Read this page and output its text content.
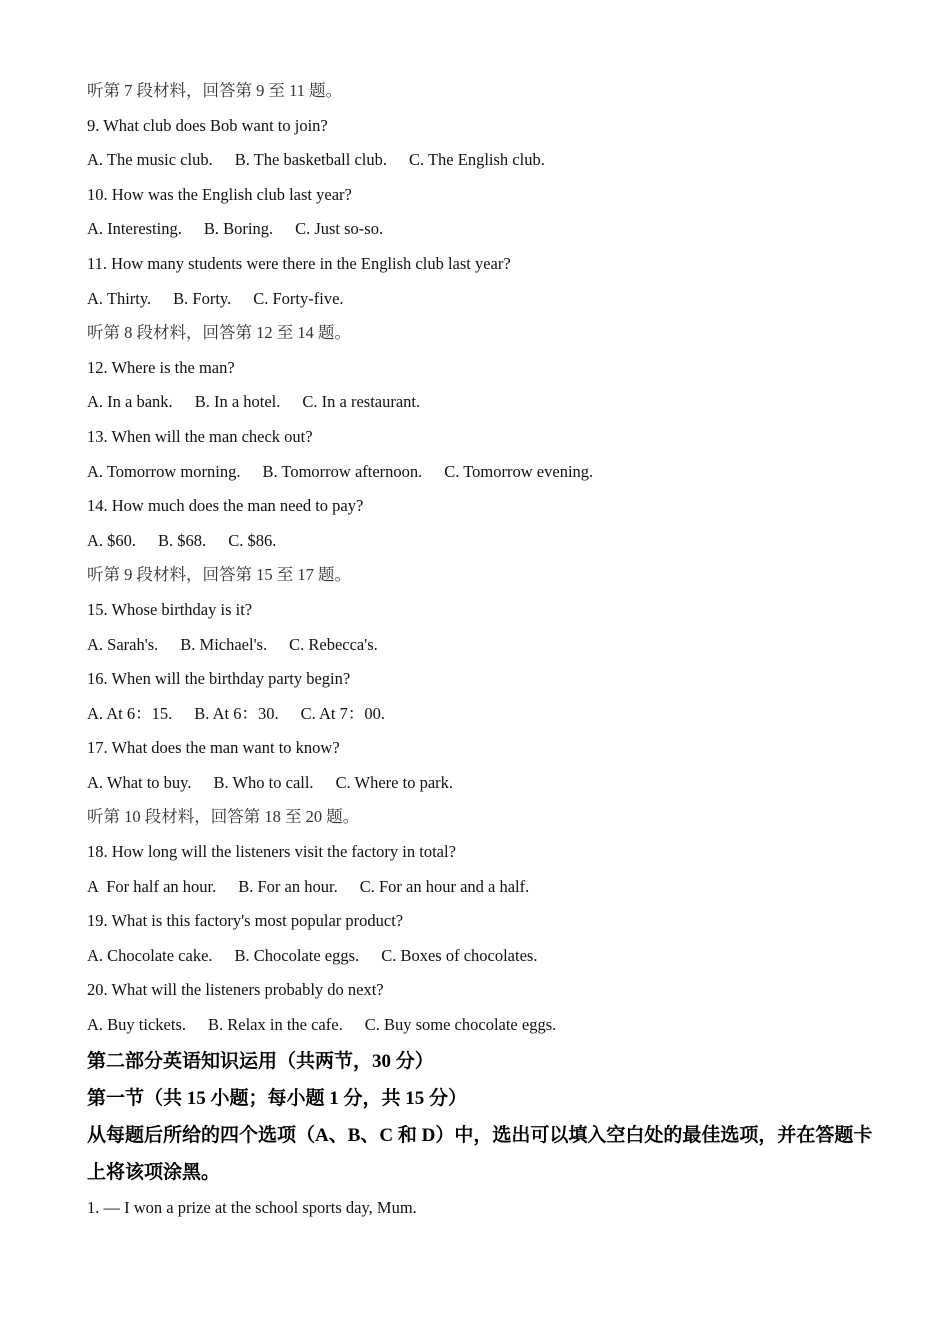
听第 7 段材料，回答第 9 至 11 题。
9. What club does Bob want to join?
A. The music club. B. The basketball club. C. The English club.
10. How was the English club last year?
A. Interesting. B. Boring. C. Just so-so.
11. How many students were there in the English club last year?
A. Thirty. B. Forty. C. Forty-five.
听第 8 段材料，回答第 12 至 14 题。
12. Where is the man?
A. In a bank. B. In a hotel. C. In a restaurant.
13. When will the man check out?
A. Tomorrow morning. B. Tomorrow afternoon. C. Tomorrow evening.
14. How much does the man need to pay?
A. $60. B. $68. C. $86.
听第 9 段材料，回答第 15 至 17 题。
15. Whose birthday is it?
A. Sarah's. B. Michael's. C. Rebecca's.
16. When will the birthday party begin?
A. At 6：15. B. At 6：30. C. At 7：00.
17. What does the man want to know?
A. What to buy. B. Who to call. C. Where to park.
听第 10 段材料，回答第 18 至 20 题。
18. How long will the listeners visit the factory in total?
A  For half an hour. B. For an hour. C. For an hour and a half.
19. What is this factory's most popular product?
A. Chocolate cake. B. Chocolate eggs. C. Boxes of chocolates.
20. What will the listeners probably do next?
A. Buy tickets. B. Relax in the cafe. C. Buy some chocolate eggs.
第二部分英语知识运用（共两节，30 分）
第一节（共 15 小题；每小题 1 分，共 15 分）
从每题后所给的四个选项（A、B、C 和 D）中，选出可以填入空白处的最佳选项，并在答题卡上将该项涂黑。
1. — I won a prize at the school sports day, Mum.
